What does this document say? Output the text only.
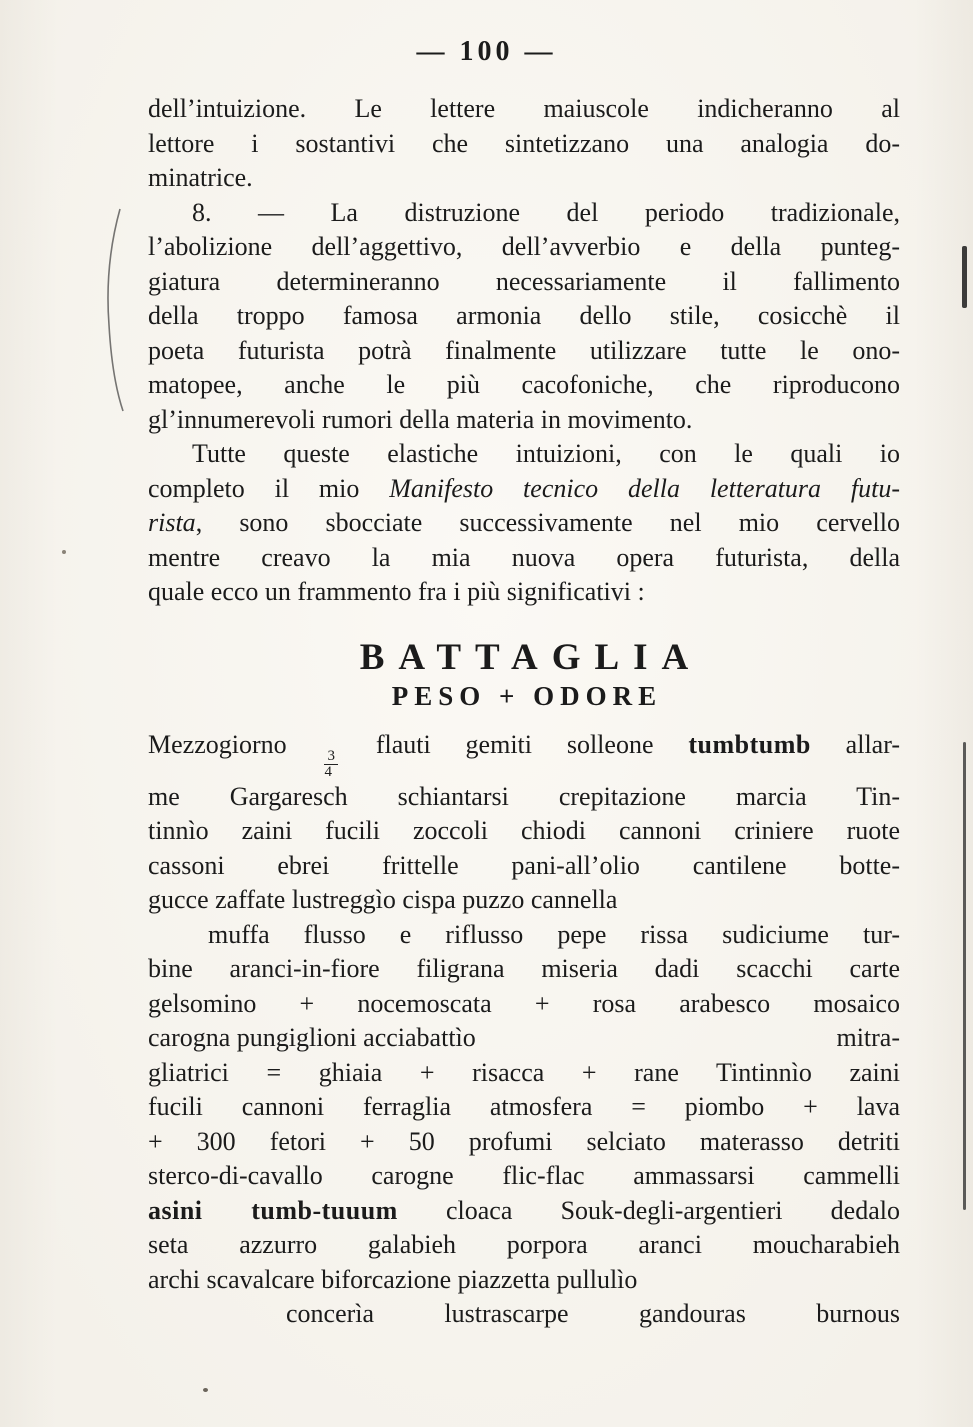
— 100 —
dell’intuizione. Le lettere maiuscole indicheranno al
lettore i sostantivi che sintetizzano una analogia do-
minatrice.
8. — La distruzione del periodo tradizionale,
l’abolizione dell’aggettivo, dell’avverbio e della punteg-
giatura determineranno necessariamente il fallimento
della troppo famosa armonia dello stile, cosicchè il
poeta futurista potrà finalmente utilizzare tutte le ono-
matopee, anche le più cacofoniche, che riproducono
gl’innumerevoli rumori della materia in movimento.
Tutte queste elastiche intuizioni, con le quali io
completo il mio Manifesto tecnico della letteratura futu-
rista, sono sbocciate successivamente nel mio cervello
mentre creavo la mia nuova opera futurista, della
quale ecco un frammento fra i più significativi :
BATTAGLIA
PESO + ODORE
Mezzogiorno
$\frac{3}{4}$
flauti gemiti solleone tumbtumb allar-
me Gargaresch schiantarsi crepitazione marcia Tin-
tinnìo zaini fucili zoccoli chiodi cannoni criniere ruote
cassoni ebrei frittelle pani-all’olio cantilene botte-
gucce zaffate lustreggìo cispa puzzo cannella
muffa flusso e riflusso pepe rissa sudiciume tur-
bine aranci-in-fiore filigrana miseria dadi scacchi carte
gelsomino + nocemoscata + rosa arabesco mosaico
carogna pungiglioni acciabattìo	mitra-
gliatrici = ghiaia + risacca + rane Tintinnìo zaini
fucili cannoni ferraglia atmosfera = piombo + lava
+ 300 fetori + 50 profumi selciato materasso detriti
sterco-di-cavallo carogne flic-flac ammassarsi cammelli
asini tumb-tuuum cloaca Souk-degli-argentieri dedalo
seta azzurro galabieh porpora aranci moucharabieh
archi scavalcare biforcazione piazzetta pullulìo
concerìa lustrascarpe gandouras burnous
